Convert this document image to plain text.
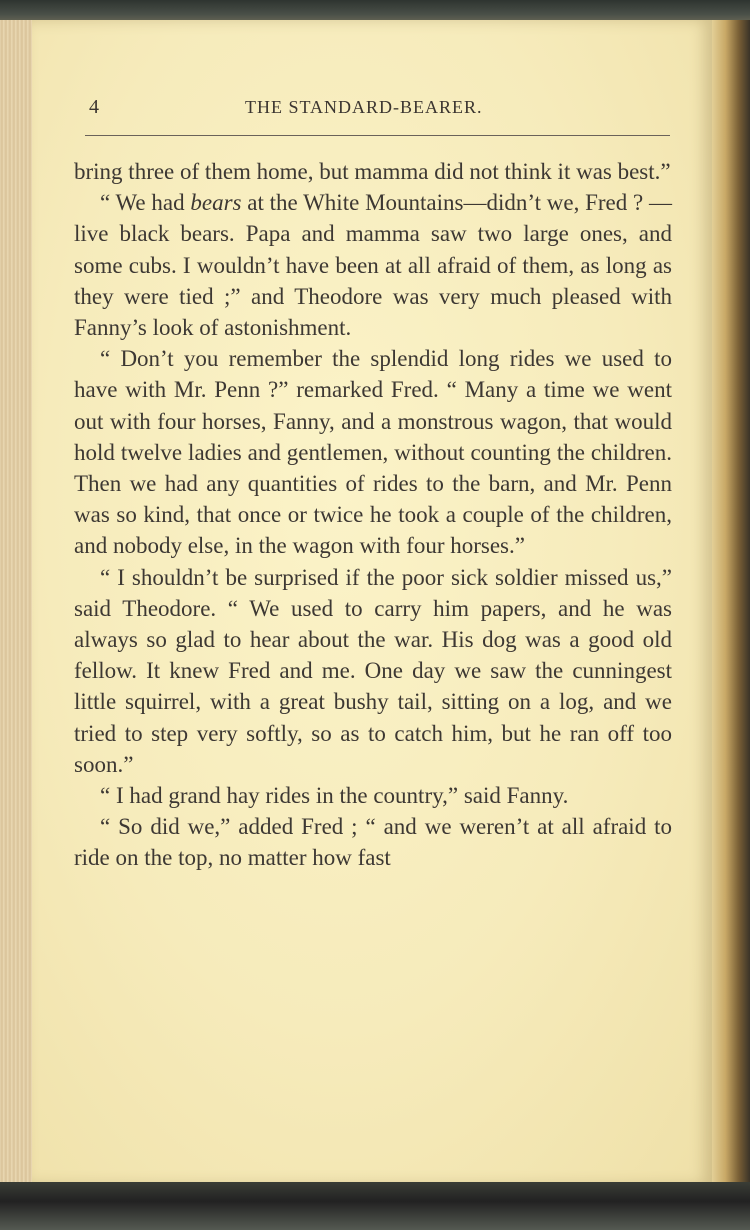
4	THE STANDARD-BEARER.

bring three of them home, but mamma did not think it was best.”

“ We had bears at the White Mountains—didn’t we, Fred ? —live black bears. Papa and mamma saw two large ones, and some cubs. I wouldn’t have been at all afraid of them, as long as they were tied ;” and Theodore was very much pleased with Fanny’s look of astonishment.

“ Don’t you remember the splendid long rides we used to have with Mr. Penn ?” remarked Fred. “ Many a time we went out with four horses, Fanny, and a monstrous wagon, that would hold twelve ladies and gentlemen, without counting the children. Then we had any quantities of rides to the barn, and Mr. Penn was so kind, that once or twice he took a couple of the children, and nobody else, in the wagon with four horses.”

“ I shouldn’t be surprised if the poor sick soldier missed us,” said Theodore. “ We used to carry him papers, and he was always so glad to hear about the war. His dog was a good old fellow. It knew Fred and me. One day we saw the cunningest little squirrel, with a great bushy tail, sitting on a log, and we tried to step very softly, so as to catch him, but he ran off too soon.”

“ I had grand hay rides in the country,” said Fanny.

“ So did we,” added Fred ; “ and we weren’t at all afraid to ride on the top, no matter how fast
